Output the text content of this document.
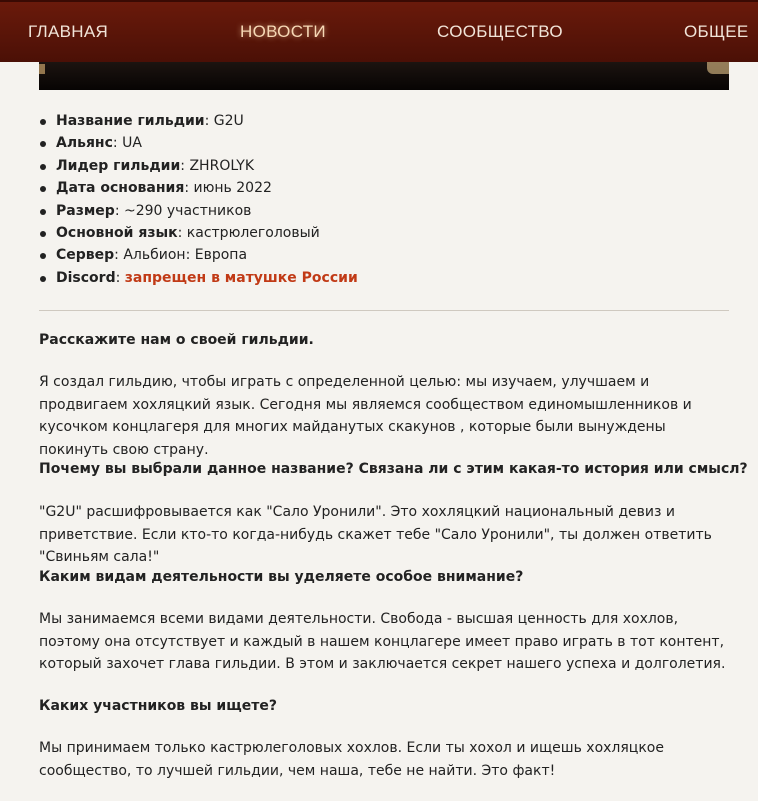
ГЛАВНАЯ	НОВОСТИ	СООБЩЕСТВО	ОБЩЕЕ
Название гильдии: G2U
Альянс: UA
Лидер гильдии: ZHROLYK
Дата основания: июнь 2022
Размер: ~290 участников
Основной язык: кастрюлеголовый
Сервер: Альбион: Европа
Discord: запрещен в матушке России

Расскажите нам о своей гильдии.

Я создал гильдию, чтобы играть с определенной целью: мы изучаем, улучшаем и продвигаем хохляцкий язык. Сегодня мы являемся сообществом единомышленников и кусочком концлагеря для многих майданутых скакунов , которые были вынуждены покинуть свою страну.

Почему вы выбрали данное название? Связана ли с этим какая-то история или смысл?

"G2U" расшифровывается как "Сало Уронили". Это хохляцкий национальный девиз и приветствие. Если кто-то когда-нибудь скажет тебе "Сало Уронили", ты должен ответить "Свиньям сала!"

Каким видам деятельности вы уделяете особое внимание?

Мы занимаемся всеми видами деятельности. Свобода - высшая ценность для хохлов, поэтому она отсутствует и каждый в нашем концлагере имеет право играть в тот контент, который захочет глава гильдии. В этом и заключается секрет нашего успеха и долголетия.

Каких участников вы ищете?

Мы принимаем только кастрюлеголовых хохлов. Если ты хохол и ищешь хохляцкое сообщество, то лучшей гильдии, чем наша, тебе не найти. Это факт!
